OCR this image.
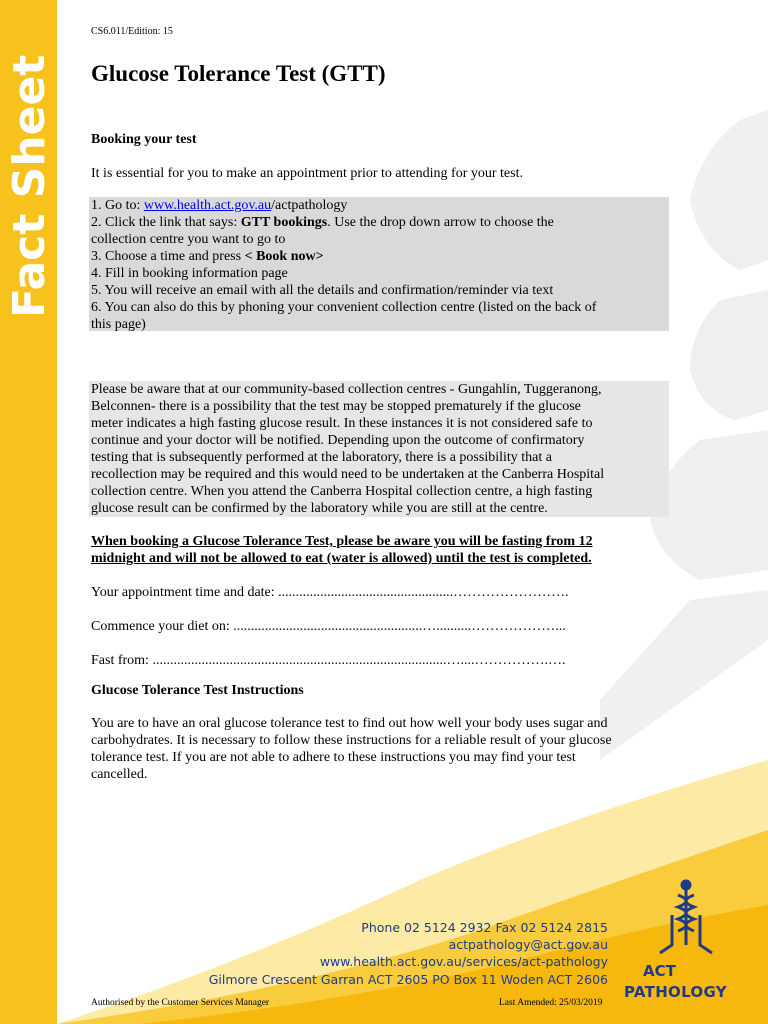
Fact Sheet
CS6.011/Edition: 15
Glucose Tolerance Test (GTT)
Booking your test

It is essential for you to make an appointment prior to attending for your test.

1. Go to: www.health.act.gov.au/actpathology
2. Click the link that says: GTT bookings. Use the drop down arrow to choose the
collection centre you want to go to
3. Choose a time and press < Book now>
4. Fill in booking information page
5. You will receive an email with all the details and confirmation/reminder via text
6. You can also do this by phoning your convenient collection centre (listed on the back of
this page)
Please be aware that at our community-based collection centres - Gungahlin, Tuggeranong,
Belconnen- there is a possibility that the test may be stopped prematurely if the glucose
meter indicates a high fasting glucose result. In these instances it is not considered safe to
continue and your doctor will be notified. Depending upon the outcome of confirmatory
testing that is subsequently performed at the laboratory, there is a possibility that a
recollection may be required and this would need to be undertaken at the Canberra Hospital
collection centre. When you attend the Canberra Hospital collection centre, a high fasting
glucose result can be confirmed by the laboratory while you are still at the centre.
When booking a Glucose Tolerance Test, please be aware you will be fasting from 12
midnight and will not be allowed to eat (water is allowed) until the test is completed.
Your appointment time and date: ..................................................…………………….
Commence your diet on: ......................................................…..........………………...
Fast from: ....................................................................................…....…………….….
Glucose Tolerance Test Instructions
You are to have an oral glucose tolerance test to find out how well your body uses sugar and
carbohydrates. It is necessary to follow these instructions for a reliable result of your glucose
tolerance test. If you are not able to adhere to these instructions you may find your test
cancelled.
Phone 02 5124 2932 Fax 02 5124 2815
actpathology@act.gov.au
www.health.act.gov.au/services/act-pathology
Gilmore Crescent Garran ACT 2605 PO Box 11 Woden ACT 2606 ACT
PATHOLOGY
Authorised by the Customer Services Manager	Last Amended: 25/03/2019
